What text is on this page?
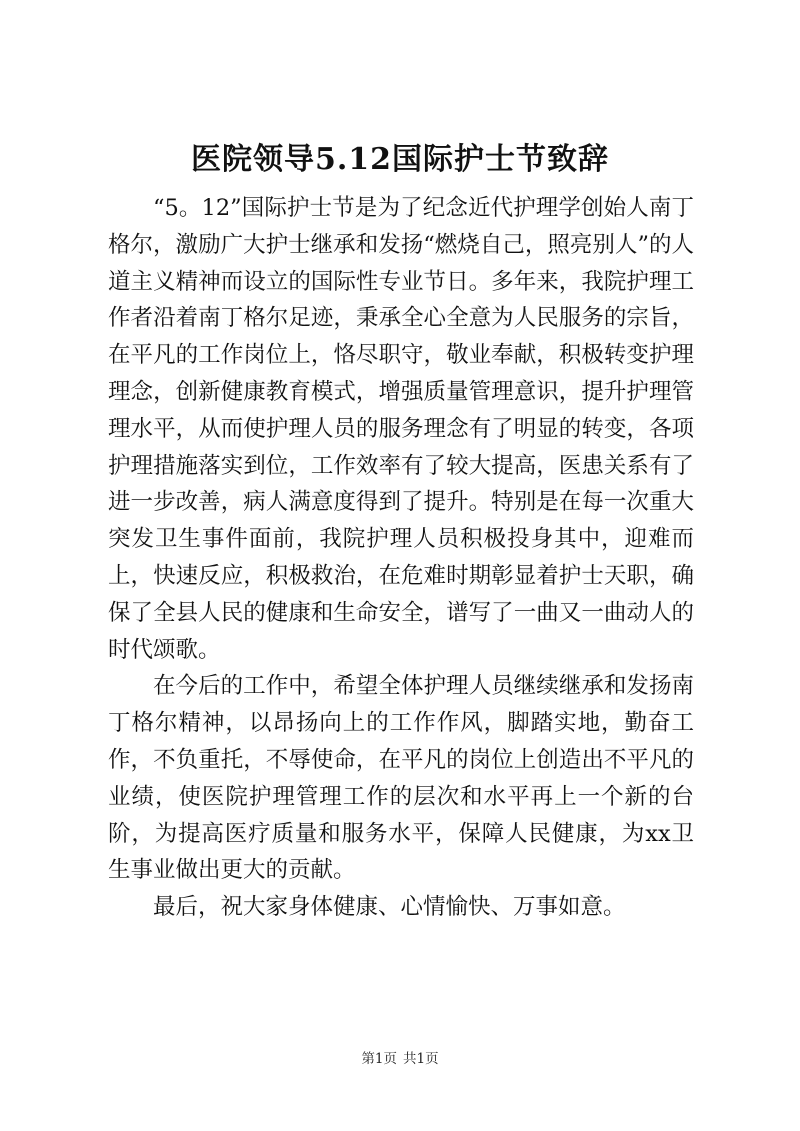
医院领导5.12国际护士节致辞

“5。12”国际护士节是为了纪念近代护理学创始人南丁格尔，激励广大护士继承和发扬“燃烧自己，照亮别人”的人道主义精神而设立的国际性专业节日。多年来，我院护理工作者沿着南丁格尔足迹，秉承全心全意为人民服务的宗旨，在平凡的工作岗位上，恪尽职守，敬业奉献，积极转变护理理念，创新健康教育模式，增强质量管理意识，提升护理管理水平，从而使护理人员的服务理念有了明显的转变，各项护理措施落实到位，工作效率有了较大提高，医患关系有了进一步改善，病人满意度得到了提升。特别是在每一次重大突发卫生事件面前，我院护理人员积极投身其中，迎难而上，快速反应，积极救治，在危难时期彰显着护士天职，确保了全县人民的健康和生命安全，谱写了一曲又一曲动人的时代颂歌。

在今后的工作中，希望全体护理人员继续继承和发扬南丁格尔精神，以昂扬向上的工作作风，脚踏实地，勤奋工作，不负重托，不辱使命，在平凡的岗位上创造出不平凡的业绩，使医院护理管理工作的层次和水平再上一个新的台阶，为提高医疗质量和服务水平，保障人民健康，为xx卫生事业做出更大的贡献。

最后，祝大家身体健康、心情愉快、万事如意。

第1页 共1页
